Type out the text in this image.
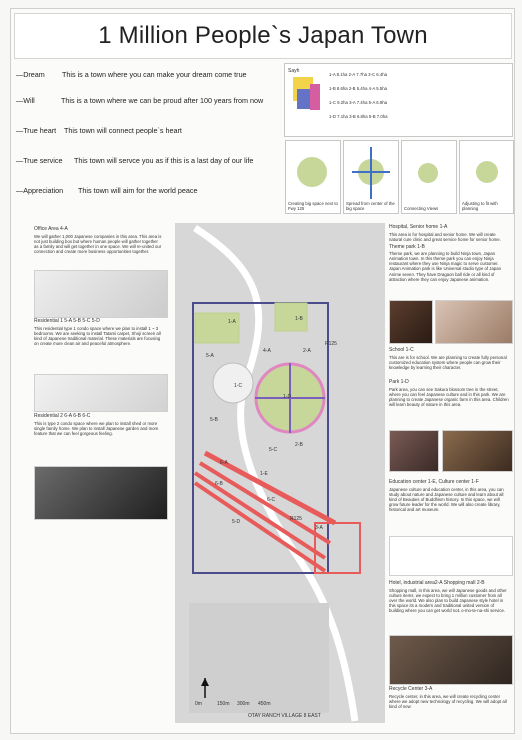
1 Million People`s Japan Town
—Dream This is a town where you can make your dream come true
—Will	This is a town where we can be proud after 100 years from now
—True heart This town will connect people`s heart
—True service This town will servce you as if this is a last day of our life
—Appreciation This town will aim for the world peace
Sayh
1-A 8.1ha 2-A 7.7ha 3-C 6.4ha
1-B 8.6ha 2-B 5.4ha 4-A 5.5ha
1-C 9.2ha 3-A 7.4ha 5-A 6.9ha
1-D 7.1ha 3-B 6.8ha 5-B 7.0ha
Creating big space next to Fwy 125
Spread from center of the big space	Connecting Views
Adjusting to fit with planning
Office Area 4-A
We will gather 1,000 Japanese companies in this area. This area is not just building box but where human people will gather together as a family and will get together in one space. We will re-united our connection and create more business opportunities together.
Residential 1 5-A 5-B 5-C 5-D
This residential type 1 condo space where we plan to install 1 ~ 3 bedrooms. We are seeking to install Tatami carpet, Shoji screen all kind of Japanese traditional material. These materials are focusing on create more clean air and peaceful atmosphere.
Residential 2 6-A 6-B 6-C
This is type 2 condo space where we plan to install shed or more single family home. We plan to install Japanese garden and more feature that we can feel gorgeous feeling.
1-A	1-B
2-A
1-C
4-A
5-A
1-D
5-B
2-B
5-C
6-A
1-E
6-B
6-C
5-D
3-A
R125
R125
0m	150m 300m 450m
OTAY RANCH VILLAGE 8 EAST
Hospital, Senior home 1-A
This area is for hospital and senior home. We will create natural cure clinic and great service home for senior home.
Theme park 1-B
Theme park, we are planning to build Ninja town, Japan Animation town. In this theme park you can enjoy Ninja restaurant where they use Ninja magic to serve customer. Japan Animation park is like Universal studio type of Japan Anime seven. They have Dragaon ball ride or all kind of attraction where they can enjoy Japanese animation.
School 1-C
This are is for school. We are planning to create fully personal customized education system where people can grow their knowledge by learning their character.
Park 1-D
Park area, you can see Sakura blossom tree in the street, where you can feel Japanese culture and in this park. We are planning to create Japanese organic farm in this area. Children will learn beauty of nature in this area.
Education center 1-E, Culture center 1-F
Japanese culture and education center, in this area, you can study about nature and Japanese culture and learn about all kind of Beauties of Buddhism history. In this space, we will grow future leader for the world. We will also create library, historical and art museum.
Hotel, industrial area2-A Shopping mall 2-B
Shopping mall, in this area, we will Japanese goods and other culture items. we expect to bring 1 million customer from all over the world. We also plan to build Japanese style hotel in this space its a modern and traditional united version of building where you can get world no1 o-mo-te-na-shi service.
Recycle Center 3-A
Recycle center, in this area, we will create recycling center where we adopt new technology of recycling. We will adopt all kind of new
